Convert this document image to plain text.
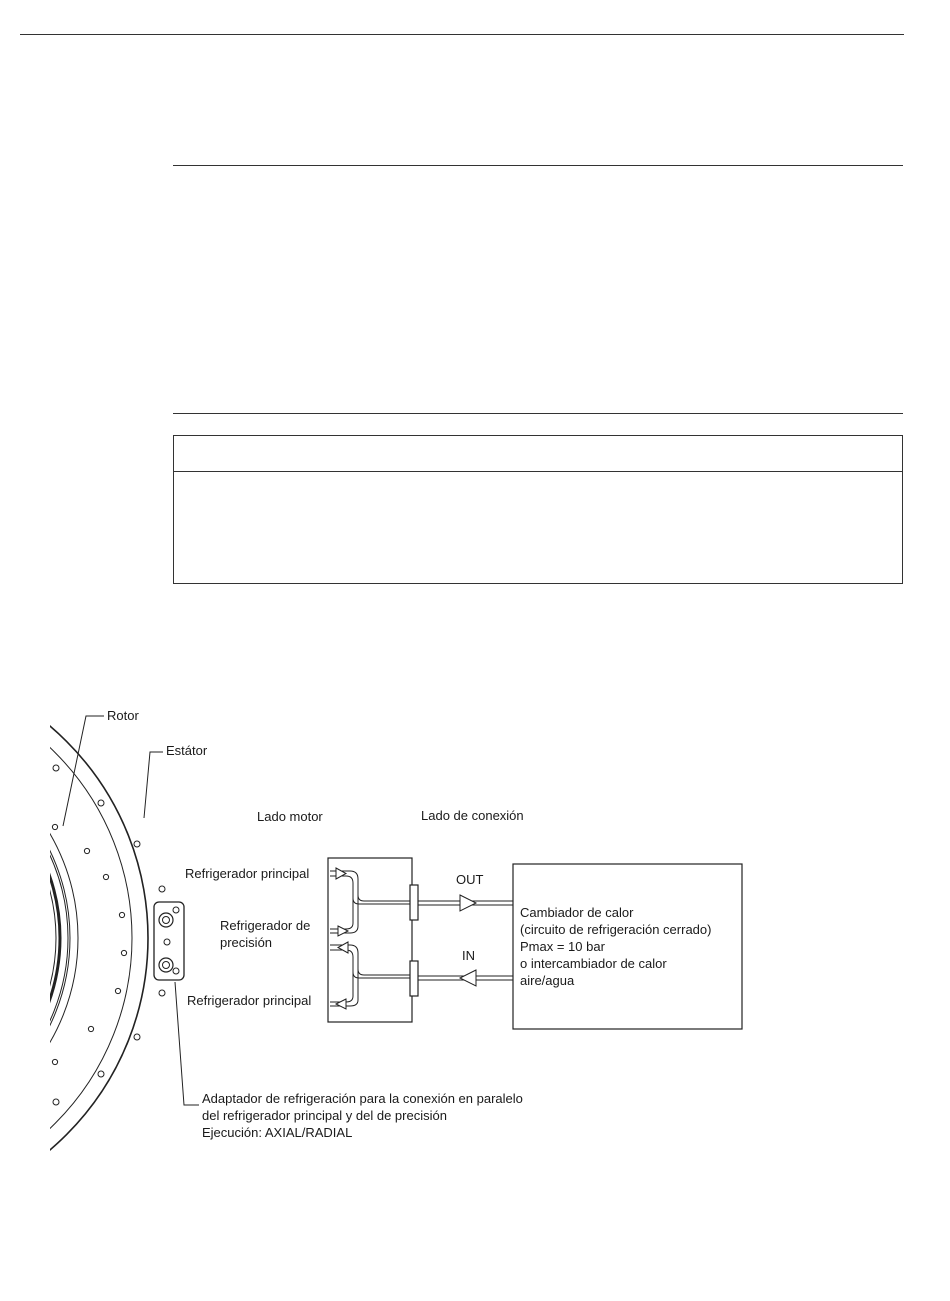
Rotor
Estátor
Lado motor	Lado de conexión
Refrigerador principal
Refrigerador de
precisión
Refrigerador principal
OUT
IN
Cambiador de calor
(circuito de refrigeración cerrado)
Pmax = 10 bar
o intercambiador de calor
aire/agua
Adaptador de refrigeración para la conexión en paralelo
del refrigerador principal y del de precisión
Ejecución: AXIAL/RADIAL
